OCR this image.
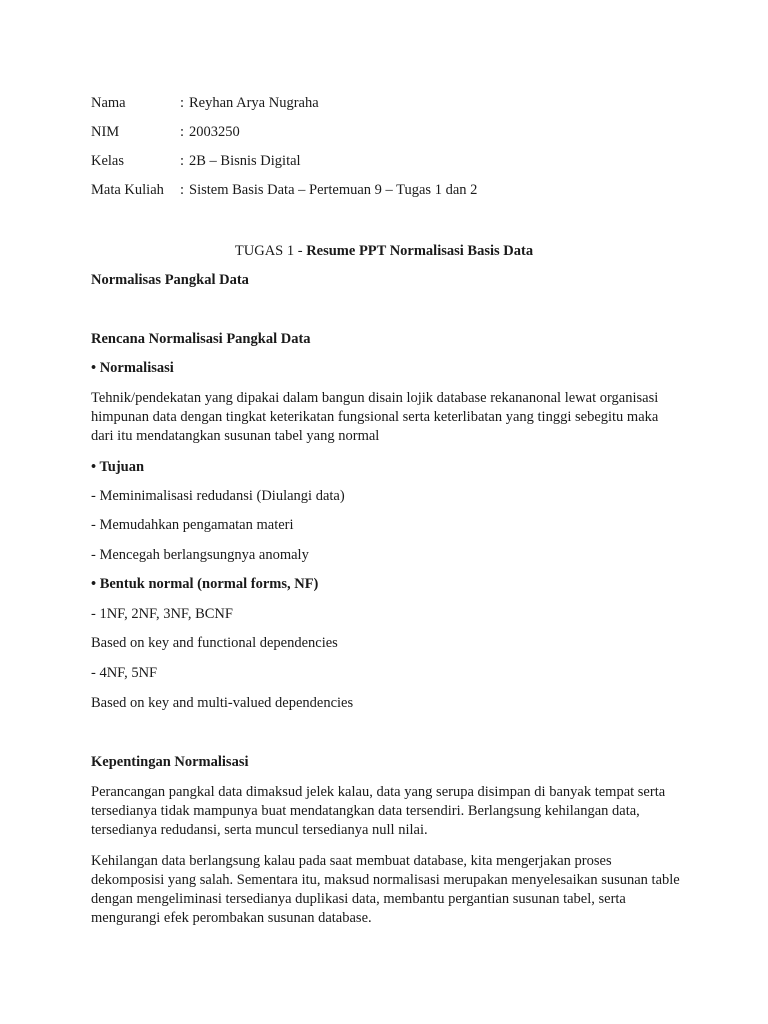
Nama	: Reyhan Arya Nugraha
NIM	: 2003250
Kelas	: 2B – Bisnis Digital
Mata Kuliah : Sistem Basis Data – Pertemuan 9 – Tugas 1 dan 2
TUGAS 1 - Resume PPT Normalisasi Basis Data
Normalisas Pangkal Data
Rencana Normalisasi Pangkal Data
• Normalisasi
Tehnik/pendekatan yang dipakai dalam bangun disain lojik database rekananonal lewat organisasi himpunan data dengan tingkat keterikatan fungsional serta keterlibatan yang tinggi sebegitu maka dari itu mendatangkan susunan tabel yang normal
• Tujuan
- Meminimalisasi redudansi (Diulangi data)
- Memudahkan pengamatan materi
- Mencegah berlangsungnya anomaly
• Bentuk normal (normal forms, NF)
- 1NF, 2NF, 3NF, BCNF
Based on key and functional dependencies
- 4NF, 5NF
Based on key and multi-valued dependencies
Kepentingan Normalisasi
Perancangan pangkal data dimaksud jelek kalau, data yang serupa disimpan di banyak tempat serta tersedianya tidak mampunya buat mendatangkan data tersendiri. Berlangsung kehilangan data, tersedianya redudansi, serta muncul tersedianya null nilai.
Kehilangan data berlangsung kalau pada saat membuat database, kita mengerjakan proses dekomposisi yang salah. Sementara itu, maksud normalisasi merupakan menyelesaikan susunan table dengan mengeliminasi tersedianya duplikasi data, membantu pergantian susunan tabel, serta mengurangi efek perombakan susunan database.
